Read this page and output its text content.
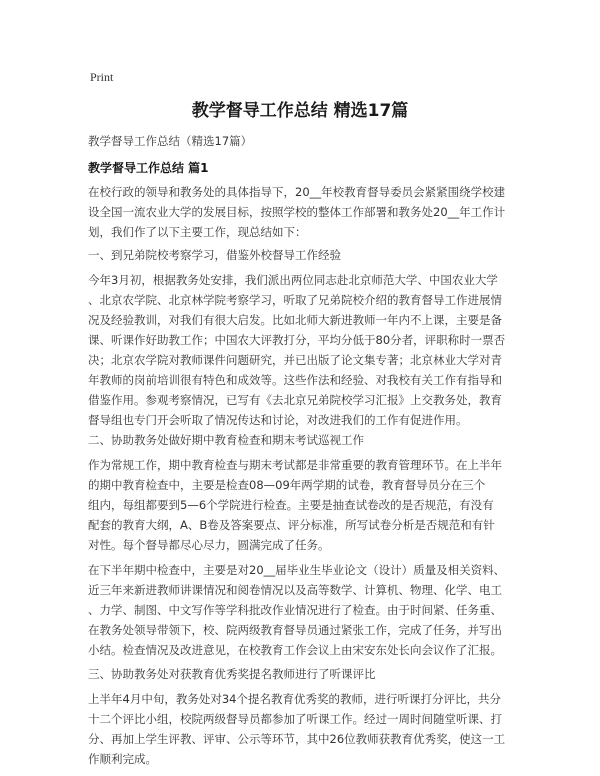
Print
教学督导工作总结 精选17篇
教学督导工作总结（精选17篇）
教学督导工作总结 篇1

在校行政的领导和教务处的具体指导下，20__年校教育督导委员会紧紧围绕学校建
设全国一流农业大学的发展目标，按照学校的整体工作部署和教务处20__年工作计
划，我们作了以下主要工作，现总结如下：

一、到兄弟院校考察学习，借鉴外校督导工作经验

今年3月初，根据教务处安排，我们派出两位同志赴北京师范大学、中国农业大学
、北京农学院、北京林学院考察学习，听取了兄弟院校介绍的教育督导工作进展情
况及经验教训，对我们有很大启发。比如北师大新进教师一年内不上课，主要是备
课、听课作好助教工作；中国农大评教打分，平均分低于80分者，评职称时一票否
决；北京农学院对教师课件问题研究，并已出版了论文集专著；北京林业大学对青
年教师的岗前培训很有特色和成效等。这些作法和经验、对我校有关工作有指导和
借鉴作用。参观考察情况，已写有《去北京兄弟院校学习汇报》上交教务处，教育
督导组也专门开会听取了情况传达和讨论，对改进我们的工作有促进作用。

二、协助教务处做好期中教育检查和期末考试巡视工作

作为常规工作，期中教育检查与期末考试都是非常重要的教育管理环节。在上半年
的期中教育检查中，主要是检查08—09年两学期的试卷，教育督导员分在三个
组内，每组都要到5—6个学院进行检查。主要是抽查试卷改的是否规范，有没有
配套的教育大纲，A、B卷及答案要点、评分标准，所写试卷分析是否规范和有针
对性。每个督导都尽心尽力，圆满完成了任务。

在下半年期中检查中，主要是对20__届毕业生毕业论文（设计）质量及相关资料、
近三年来新进教师讲课情况和阅卷情况以及高等数学、计算机、物理、化学、电工
、力学、制图、中文写作等学科批改作业情况进行了检查。由于时间紧、任务重、
在教务处领导带领下，校、院两级教育督导员通过紧张工作，完成了任务，并写出
小结。检查情况及改进意见，在校教育工作会议上由宋安东处长向会议作了汇报。

三、协助教务处对获教育优秀奖提名教师进行了听课评比

上半年4月中旬，教务处对34个提名教育优秀奖的教师，进行听课打分评比，共分
十二个评比小组，校院两级督导员都参加了听课工作。经过一周时间随堂听课、打
分、再加上学生评教、评审、公示等环节，其中26位教师获教育优秀奖，使这一工
作顺利完成。
